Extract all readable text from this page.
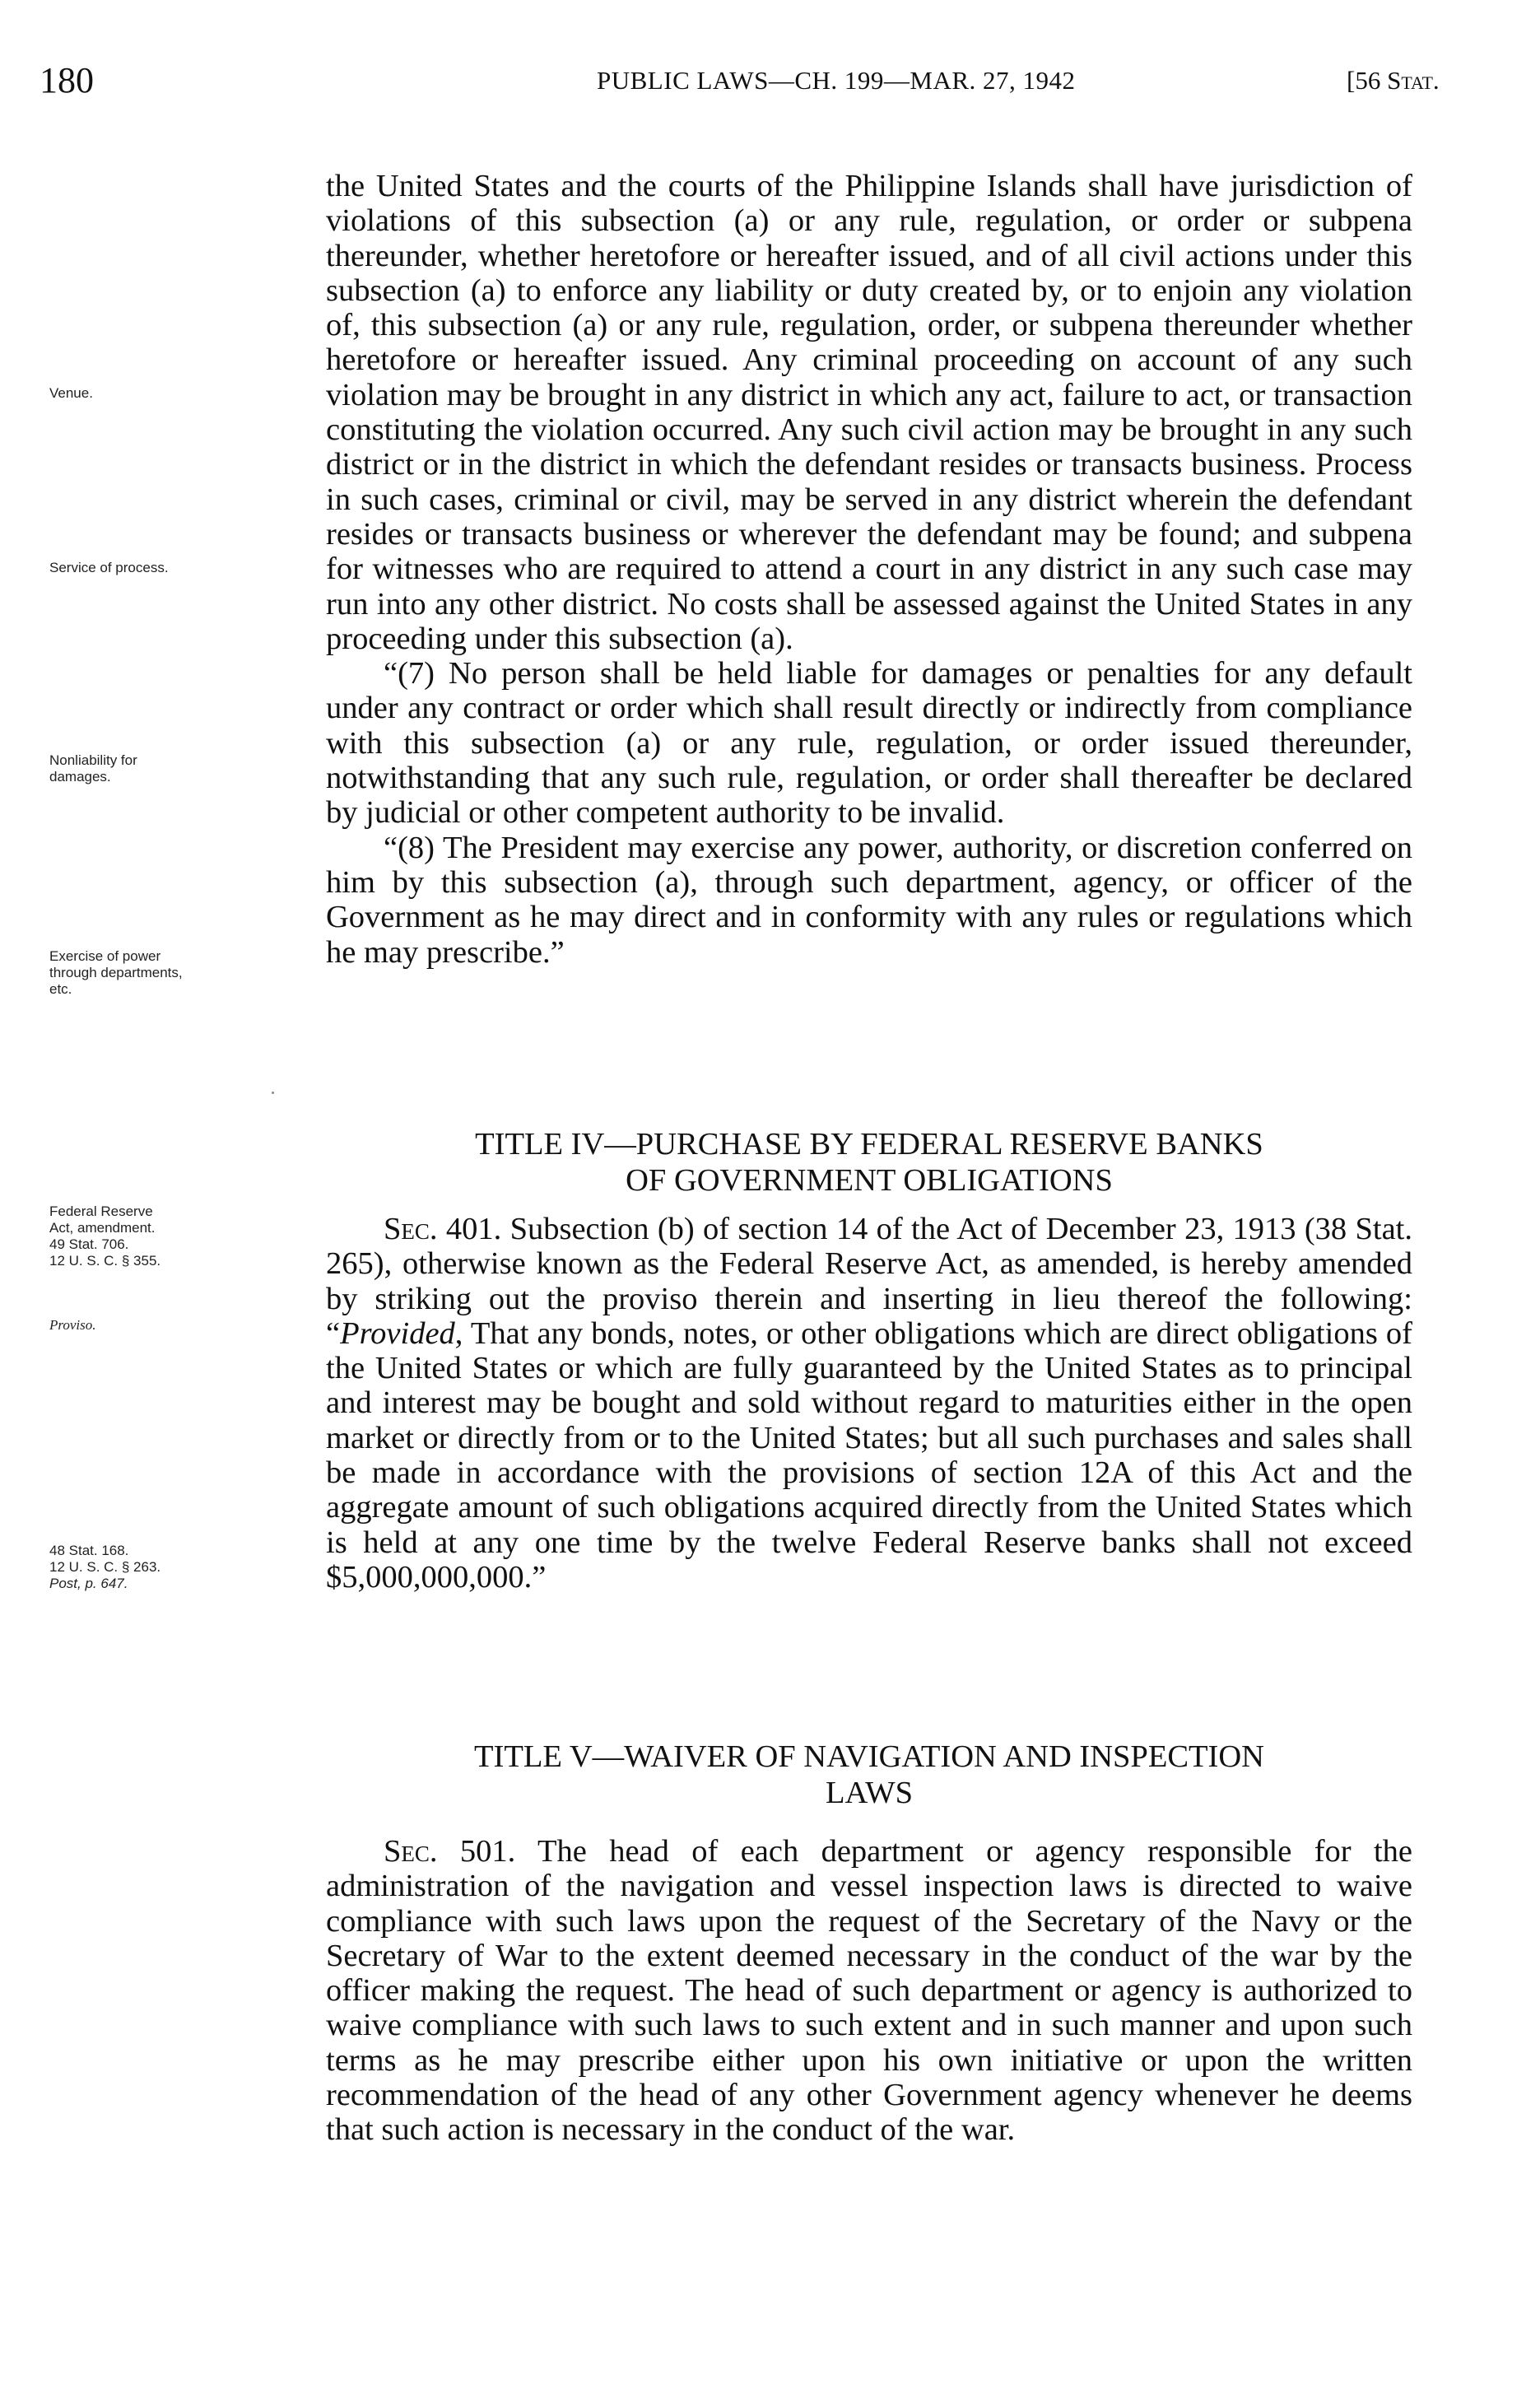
180	PUBLIC LAWS—CH. 199—MAR. 27, 1942	[56 Stat.
Venue.
Service of process.
Nonliability for
damages.
Exercise of power
through departments,
etc.
Federal Reserve
Act, amendment.
49 Stat. 706.
12 U. S. C. § 355.
Proviso.
48 Stat. 168.
12 U. S. C. § 263.
Post, p. 647.

the United States and the courts of the Philippine Islands shall have jurisdiction of violations of this subsection (a) or any rule, regulation, or order or subpena thereunder, whether heretofore or hereafter issued, and of all civil actions under this subsection (a) to enforce any liability or duty created by, or to enjoin any violation of, this subsection (a) or any rule, regulation, order, or subpena thereunder whether heretofore or hereafter issued. Any criminal proceeding on account of any such violation may be brought in any district in which any act, failure to act, or transaction constituting the violation occurred. Any such civil action may be brought in any such district or in the district in which the defendant resides or transacts business. Process in such cases, criminal or civil, may be served in any district wherein the defendant resides or transacts business or wherever the defendant may be found; and subpena for witnesses who are required to attend a court in any district in any such case may run into any other district. No costs shall be assessed against the United States in any proceeding under this subsection (a).

“(7) No person shall be held liable for damages or penalties for any default under any contract or order which shall result directly or indirectly from compliance with this subsection (a) or any rule, regulation, or order issued thereunder, notwithstanding that any such rule, regulation, or order shall thereafter be declared by judicial or other competent authority to be invalid.

“(8) The President may exercise any power, authority, or discretion conferred on him by this subsection (a), through such department, agency, or officer of the Government as he may direct and in conformity with any rules or regulations which he may prescribe.”

TITLE IV—PURCHASE BY FEDERAL RESERVE BANKS
OF GOVERNMENT OBLIGATIONS

Sec. 401. Subsection (b) of section 14 of the Act of December 23, 1913 (38 Stat. 265), otherwise known as the Federal Reserve Act, as amended, is hereby amended by striking out the proviso therein and inserting in lieu thereof the following: “Provided, That any bonds, notes, or other obligations which are direct obligations of the United States or which are fully guaranteed by the United States as to principal and interest may be bought and sold without regard to maturities either in the open market or directly from or to the United States; but all such purchases and sales shall be made in accordance with the provisions of section 12A of this Act and the aggregate amount of such obligations acquired directly from the United States which is held at any one time by the twelve Federal Reserve banks shall not exceed $5,000,000,000.”

TITLE V—WAIVER OF NAVIGATION AND INSPECTION
LAWS

Sec. 501. The head of each department or agency responsible for the administration of the navigation and vessel inspection laws is directed to waive compliance with such laws upon the request of the Secretary of the Navy or the Secretary of War to the extent deemed necessary in the conduct of the war by the officer making the request. The head of such department or agency is authorized to waive compliance with such laws to such extent and in such manner and upon such terms as he may prescribe either upon his own initiative or upon the written recommendation of the head of any other Government agency whenever he deems that such action is necessary in the conduct of the war.
